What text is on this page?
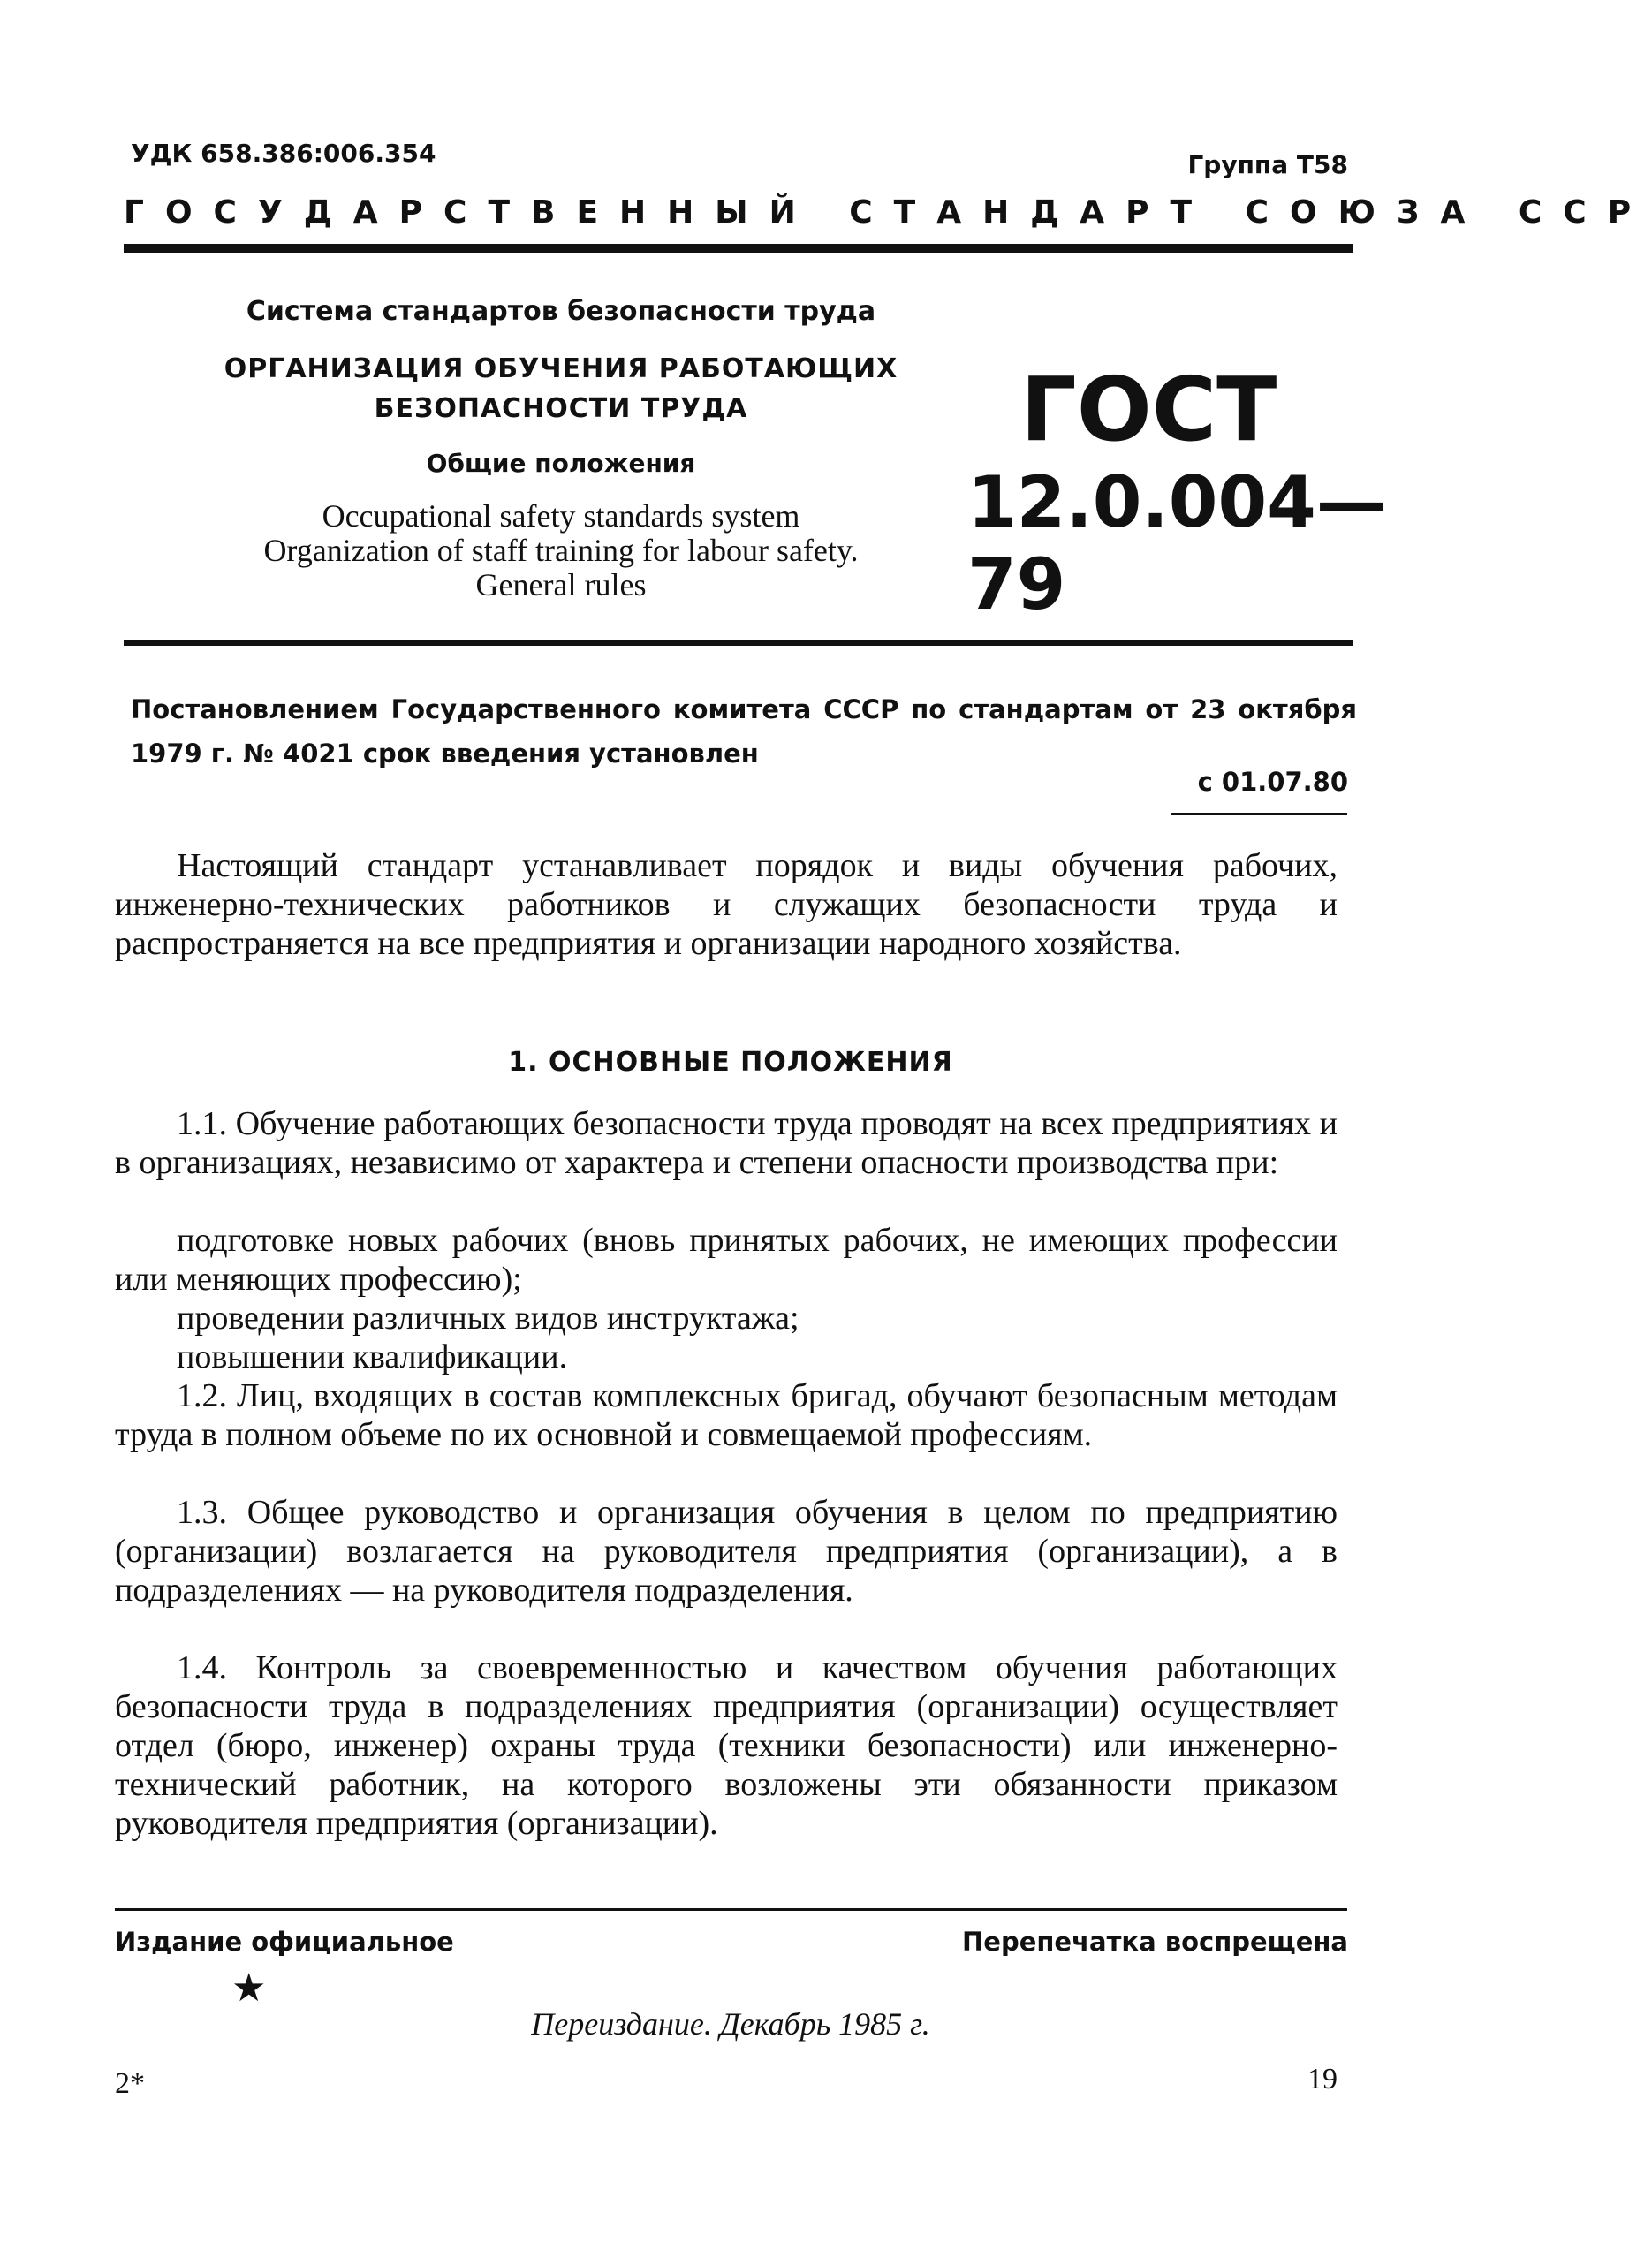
УДК 658.386:006.354	Группа Т58
ГОСУДАРСТВЕННЫЙ СТАНДАРТ СОЮЗА ССР
Система стандартов безопасности труда
ОРГАНИЗАЦИЯ ОБУЧЕНИЯ РАБОТАЮЩИХ
БЕЗОПАСНОСТИ ТРУДА
Общие положения
Occupational safety standards system
Organization of staff training for labour safety.
General rules
ГОСТ
12.0.004—79
Постановлением Государственного комитета СССР по стандартам от 23 октября 1979 г. № 4021 срок введения установлен
с 01.07.80
Настоящий стандарт устанавливает порядок и виды обучения рабочих, инженерно-технических работников и служащих безопасности труда и распространяется на все предприятия и организации народного хозяйства.
1. ОСНОВНЫЕ ПОЛОЖЕНИЯ
1.1. Обучение работающих безопасности труда проводят на всех предприятиях и в организациях, независимо от характера и степени опасности производства при:
подготовке новых рабочих (вновь принятых рабочих, не имеющих профессии или меняющих профессию);
проведении различных видов инструктажа;
повышении квалификации.
1.2. Лиц, входящих в состав комплексных бригад, обучают безопасным методам труда в полном объеме по их основной и совмещаемой профессиям.
1.3. Общее руководство и организация обучения в целом по предприятию (организации) возлагается на руководителя предприятия (организации), а в подразделениях — на руководителя подразделения.
1.4. Контроль за своевременностью и качеством обучения работающих безопасности труда в подразделениях предприятия (организации) осуществляет отдел (бюро, инженер) охраны труда (техники безопасности) или инженерно-технический работник, на которого возложены эти обязанности приказом руководителя предприятия (организации).
Издание официальное	Перепечатка воспрещена
★
Переиздание. Декабрь 1985 г.
2*	19
